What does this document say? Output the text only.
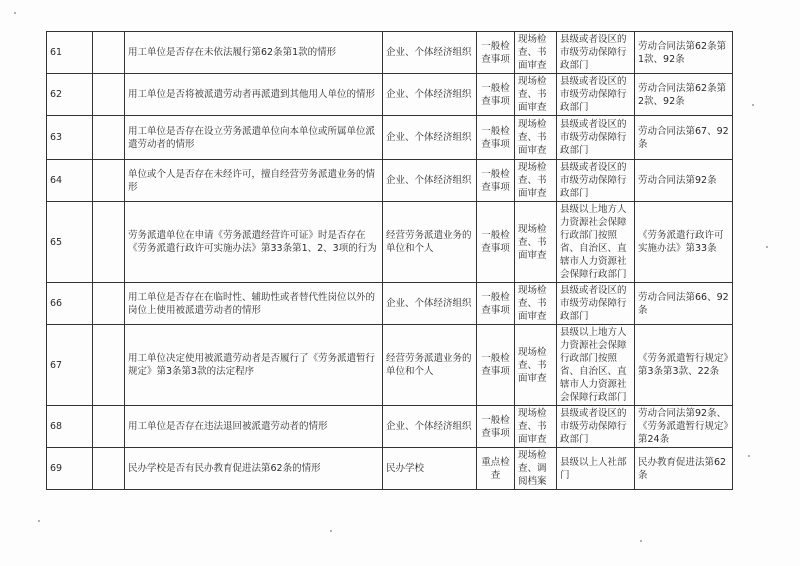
61		用工单位是否存在未依法履行第62条第1款的情形	企业、个体经济组织	一般检查事项	现场检查、书面审查	县级或者设区的市级劳动保障行政部门	劳动合同法第62条第1款、92条
62		用工单位是否将被派遣劳动者再派遣到其他用人单位的情形	企业、个体经济组织	一般检查事项	现场检查、书面审查	县级或者设区的市级劳动保障行政部门	劳动合同法第62条第2款、92条
63		用工单位是否存在设立劳务派遣单位向本单位或所属单位派遣劳动者的情形	企业、个体经济组织	一般检查事项	现场检查、书面审查	县级或者设区的市级劳动保障行政部门	劳动合同法第67、92条
64		单位或个人是否存在未经许可，擅自经营劳务派遣业务的情形	企业、个体经济组织	一般检查事项	现场检查、书面审查	县级或者设区的市级劳动保障行政部门	劳动合同法第92条
65		劳务派遣单位在申请《劳务派遣经营许可证》时是否存在《劳务派遣行政许可实施办法》第33条第1、2、3项的行为	经营劳务派遣业务的单位和个人	一般检查事项	现场检查、书面审查	县级以上地方人力资源社会保障行政部门按照省、自治区、直辖市人力资源社会保障行政部门	《劳务派遣行政许可实施办法》第33条
66		用工单位是否存在在临时性、辅助性或者替代性岗位以外的岗位上使用被派遣劳动者的情形	企业、个体经济组织	一般检查事项	现场检查、书面审查	县级或者设区的市级劳动保障行政部门	劳动合同法第66、92条
67		用工单位决定使用被派遣劳动者是否履行了《劳务派遣暂行规定》第3条第3款的法定程序	经营劳务派遣业务的单位和个人	一般检查事项	现场检查、书面审查	县级以上地方人力资源社会保障行政部门按照省、自治区、直辖市人力资源社会保障行政部门	《劳务派遣暂行规定》第3条第3款、22条
68		用工单位是否存在违法退回被派遣劳动者的情形	企业、个体经济组织	一般检查事项	现场检查、书面审查	县级或者设区的市级劳动保障行政部门	劳动合同法第92条、《劳务派遣暂行规定》第24条
69		民办学校是否有民办教育促进法第62条的情形	民办学校	重点检查	现场检查、调阅档案	县级以上人社部门	民办教育促进法第62条
